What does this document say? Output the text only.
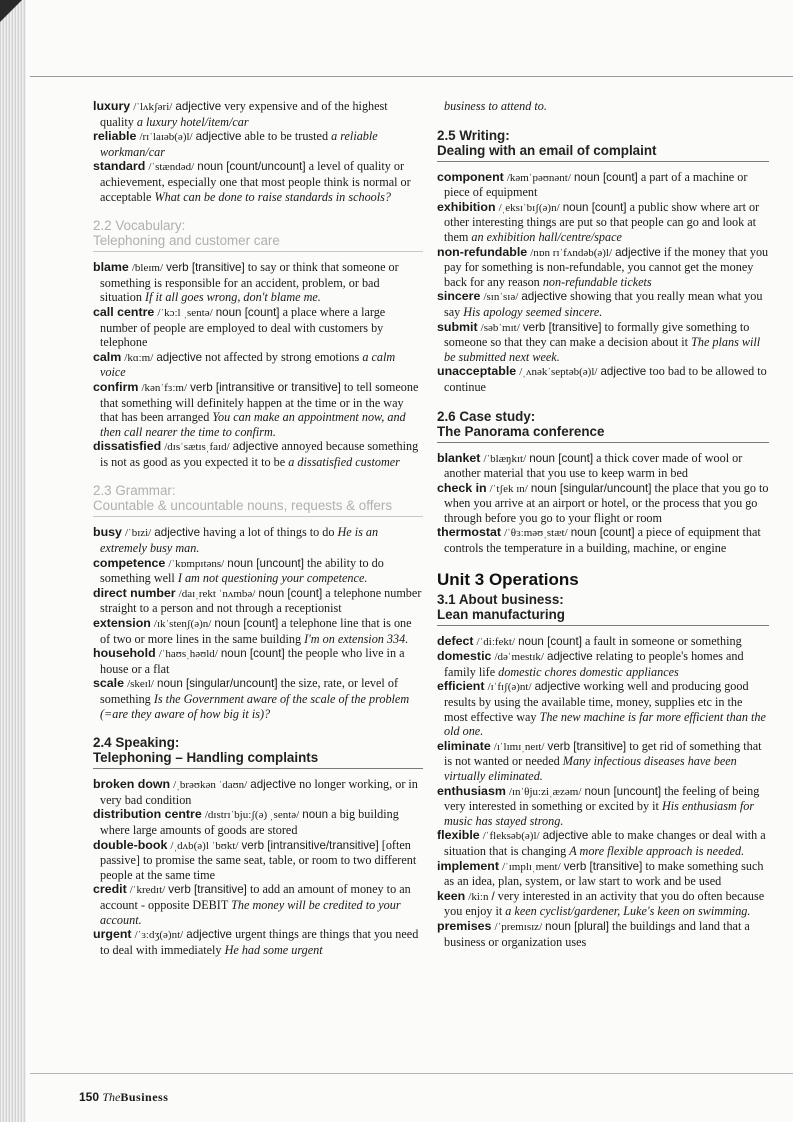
luxury /ˈlʌkʃəri/ adjective very expensive and of the highest quality a luxury hotel/item/car

reliable /rɪˈlaɪəb(ə)l/ adjective able to be trusted a reliable workman/car

standard /ˈstændəd/ noun [count/uncount] a level of quality or achievement, especially one that most people think is normal or acceptable What can be done to raise standards in schools?

2.2 Vocabulary:
Telephoning and customer care

blame /bleɪm/ verb [transitive] to say or think that someone or something is responsible for an accident, problem, or bad situation If it all goes wrong, don't blame me.

call centre /ˈkɔːl ˌsentə/ noun [count] a place where a large number of people are employed to deal with customers by telephone

calm /kɑːm/ adjective not affected by strong emotions a calm voice

confirm /kənˈfɜːm/ verb [intransitive or transitive] to tell someone that something will definitely happen at the time or in the way that has been arranged You can make an appointment now, and then call nearer the time to confirm.

dissatisfied /dɪsˈsætɪsˌfaɪd/ adjective annoyed because something is not as good as you expected it to be a dissatisfied customer

2.3 Grammar:
Countable & uncountable nouns, requests & offers

busy /ˈbɪzi/ adjective having a lot of things to do He is an extremely busy man.

competence /ˈkɒmpɪtəns/ noun [uncount] the ability to do something well I am not questioning your competence.

direct number /daɪˌrekt ˈnʌmbə/ noun [count] a telephone number straight to a person and not through a receptionist

extension /ɪkˈstenʃ(ə)n/ noun [count] a telephone line that is one of two or more lines in the same building I'm on extension 334.

household /ˈhaʊsˌhəʊld/ noun [count] the people who live in a house or a flat

scale /skeɪl/ noun [singular/uncount] the size, rate, or level of something Is the Government aware of the scale of the problem (=are they aware of how big it is)?

2.4 Speaking:
Telephoning – Handling complaints

broken down /ˌbrəʊkən ˈdaʊn/ adjective no longer working, or in very bad condition

distribution centre /dɪstrɪˈbjuːʃ(ə) ˌsentə/ noun a big building where large amounts of goods are stored

double-book /ˌdʌb(ə)l ˈbʊkt/ verb [intransitive/transitive] [often passive] to promise the same seat, table, or room to two different people at the same time

credit /ˈkredɪt/ verb [transitive] to add an amount of money to an account - opposite DEBIT The money will be credited to your account.

urgent /ˈɜːdʒ(ə)nt/ adjective urgent things are things that you need to deal with immediately He had some urgent

business to attend to.

2.5 Writing:
Dealing with an email of complaint

component /kəmˈpəʊnənt/ noun [count] a part of a machine or piece of equipment

exhibition /ˌeksɪˈbɪʃ(ə)n/ noun [count] a public show where art or other interesting things are put so that people can go and look at them an exhibition hall/centre/space

non-refundable /nɒn rɪˈfʌndəb(ə)l/ adjective if the money that you pay for something is non-refundable, you cannot get the money back for any reason non-refundable tickets

sincere /sɪnˈsɪə/ adjective showing that you really mean what you say His apology seemed sincere.

submit /səbˈmɪt/ verb [transitive] to formally give something to someone so that they can make a decision about it The plans will be submitted next week.

unacceptable /ˌʌnəkˈseptəb(ə)l/ adjective too bad to be allowed to continue

2.6 Case study:
The Panorama conference

blanket /ˈblæŋkɪt/ noun [count] a thick cover made of wool or another material that you use to keep warm in bed

check in /ˈtʃek ɪn/ noun [singular/uncount] the place that you go to when you arrive at an airport or hotel, or the process that you go through before you go to your flight or room

thermostat /ˈθɜːməʊˌstæt/ noun [count] a piece of equipment that controls the temperature in a building, machine, or engine

Unit 3 Operations
3.1 About business:
Lean manufacturing

defect /ˈdiːfekt/ noun [count] a fault in someone or something

domestic /dəˈmestɪk/ adjective relating to people's homes and family life domestic chores domestic appliances

efficient /ɪˈfɪʃ(ə)nt/ adjective working well and producing good results by using the available time, money, supplies etc in the most effective way The new machine is far more efficient than the old one.

eliminate /ɪˈlɪmɪˌneɪt/ verb [transitive] to get rid of something that is not wanted or needed Many infectious diseases have been virtually eliminated.

enthusiasm /ɪnˈθjuːziˌæzəm/ noun [uncount] the feeling of being very interested in something or excited by it His enthusiasm for music has stayed strong.

flexible /ˈfleksəb(ə)l/ adjective able to make changes or deal with a situation that is changing A more flexible approach is needed.

implement /ˈɪmplɪˌment/ verb [transitive] to make something such as an idea, plan, system, or law start to work and be used

keen /kiːn / very interested in an activity that you do often because you enjoy it a keen cyclist/gardener, Luke's keen on swimming.

premises /ˈpremɪsɪz/ noun [plural] the buildings and land that a business or organization uses

150 TheBusiness
